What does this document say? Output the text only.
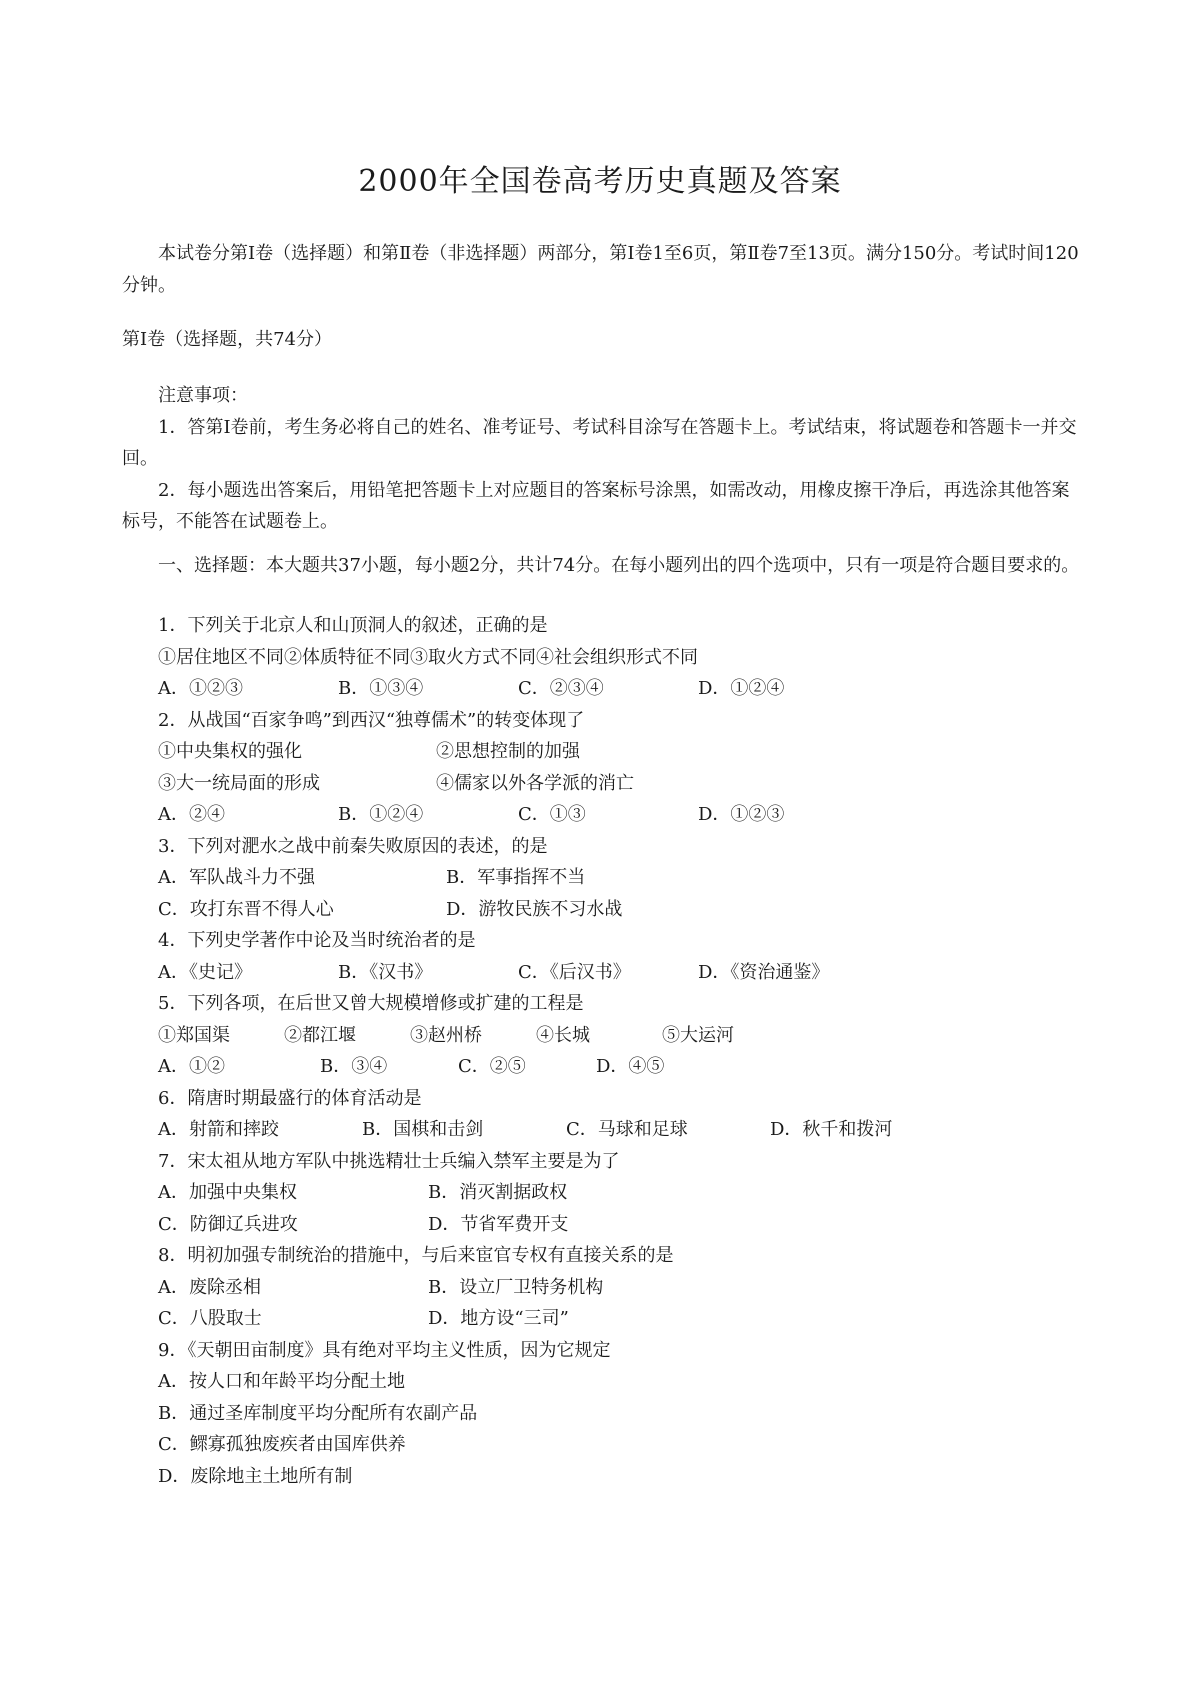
2000年全国卷高考历史真题及答案

本试卷分第Ⅰ卷（选择题）和第Ⅱ卷（非选择题）两部分，第Ⅰ卷1至6页，第Ⅱ卷7至13页。满分150分。考试时间120分钟。

第Ⅰ卷（选择题，共74分）

注意事项：

1．答第Ⅰ卷前，考生务必将自己的姓名、准考证号、考试科目涂写在答题卡上。考试结束，将试题卷和答题卡一并交回。

2．每小题选出答案后，用铅笔把答题卡上对应题目的答案标号涂黑，如需改动，用橡皮擦干净后，再选涂其他答案标号，不能答在试题卷上。

一、选择题：本大题共37小题，每小题2分，共计74分。在每小题列出的四个选项中，只有一项是符合题目要求的。

1．下列关于北京人和山顶洞人的叙述，正确的是
①居住地区不同②体质特征不同③取火方式不同④社会组织形式不同
A．①②③	B．①③④	C．②③④	D．①②④
2．从战国“百家争鸣”到西汉“独尊儒术”的转变体现了
①中央集权的强化	②思想控制的加强
③大一统局面的形成	④儒家以外各学派的消亡
A．②④	B．①②④	C．①③	D．①②③
3．下列对淝水之战中前秦失败原因的表述，的是
A．军队战斗力不强	B．军事指挥不当
C．攻打东晋不得人心	D．游牧民族不习水战
4．下列史学著作中论及当时统治者的是
A．《史记》	B．《汉书》	C．《后汉书》	D．《资治通鉴》
5．下列各项，在后世又曾大规模增修或扩建的工程是
①郑国渠	②都江堰	③赵州桥	④长城	⑤大运河
A．①②	B．③④	C．②⑤	D．④⑤
6．隋唐时期最盛行的体育活动是
A．射箭和摔跤	B．国棋和击剑	C．马球和足球	D．秋千和拨河
7．宋太祖从地方军队中挑选精壮士兵编入禁军主要是为了
A．加强中央集权	B．消灭割据政权
C．防御辽兵进攻	D．节省军费开支
8．明初加强专制统治的措施中，与后来宦官专权有直接关系的是
A．废除丞相	B．设立厂卫特务机构
C．八股取士	D．地方设“三司”
9．《天朝田亩制度》具有绝对平均主义性质，因为它规定
A．按人口和年龄平均分配土地
B．通过圣库制度平均分配所有农副产品
C．鳏寡孤独废疾者由国库供养
D．废除地主土地所有制
